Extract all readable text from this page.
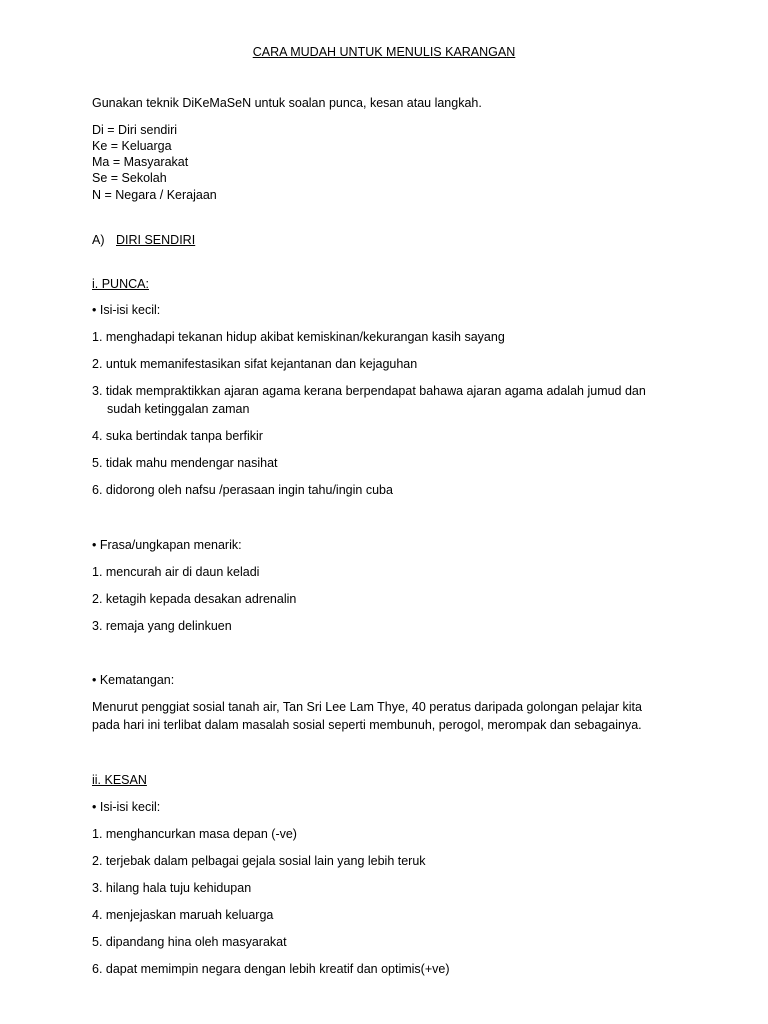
CARA MUDAH UNTUK MENULIS KARANGAN
Gunakan teknik DiKeMaSeN untuk soalan punca, kesan atau langkah.
Di = Diri sendiri
Ke = Keluarga
Ma = Masyarakat
Se = Sekolah
N = Negara / Kerajaan
A) DIRI SENDIRI
i. PUNCA:
• Isi-isi kecil:
1. menghadapi tekanan hidup akibat kemiskinan/kekurangan kasih sayang
2. untuk memanifestasikan sifat kejantanan dan kejaguhan
3. tidak mempraktikkan ajaran agama kerana berpendapat bahawa ajaran agama adalah jumud dan
sudah ketinggalan zaman
4. suka bertindak tanpa berfikir
5. tidak mahu mendengar nasihat
6. didorong oleh nafsu /perasaan ingin tahu/ingin cuba
• Frasa/ungkapan menarik:
1. mencurah air di daun keladi
2. ketagih kepada desakan adrenalin
3. remaja yang delinkuen
• Kematangan:
Menurut penggiat sosial tanah air, Tan Sri Lee Lam Thye, 40 peratus daripada golongan pelajar kita
pada hari ini terlibat dalam masalah sosial seperti membunuh, perogol, merompak dan sebagainya.
ii. KESAN
• Isi-isi kecil:
1. menghancurkan masa depan (-ve)
2. terjebak dalam pelbagai gejala sosial lain yang lebih teruk
3. hilang hala tuju kehidupan
4. menjejaskan maruah keluarga
5. dipandang hina oleh masyarakat
6. dapat memimpin negara dengan lebih kreatif dan optimis(+ve)
